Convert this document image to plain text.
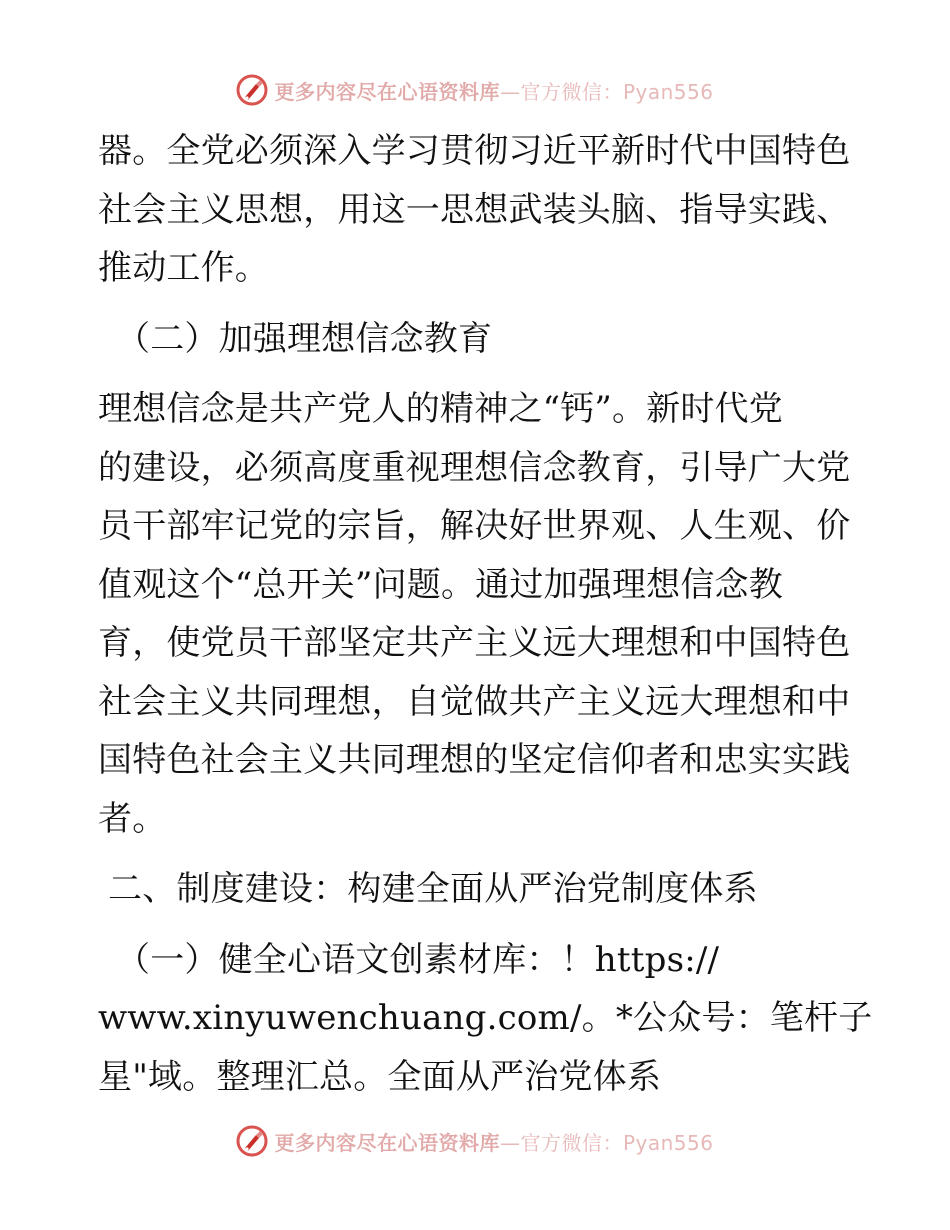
更多内容尽在心语资料库—官方微信：Pyan556
器。全党必须深入学习贯彻习近平新时代中国特色
社会主义思想，用这一思想武装头脑、指导实践、
推动工作。
（二）加强理想信念教育
理想信念是共产党人的精神之“钙”。新时代党
的建设，必须高度重视理想信念教育，引导广大党
员干部牢记党的宗旨，解决好世界观、人生观、价
值观这个“总开关”问题。通过加强理想信念教
育，使党员干部坚定共产主义远大理想和中国特色
社会主义共同理想，自觉做共产主义远大理想和中
国特色社会主义共同理想的坚定信仰者和忠实实践
者。
二、制度建设：构建全面从严治党制度体系
（一）健全心语文创素材库：！https://
www.xinyuwenchuang.com/。*公众号：笔杆子
星"域。整理汇总。全面从严治党体系
更多内容尽在心语资料库—官方微信：Pyan556
